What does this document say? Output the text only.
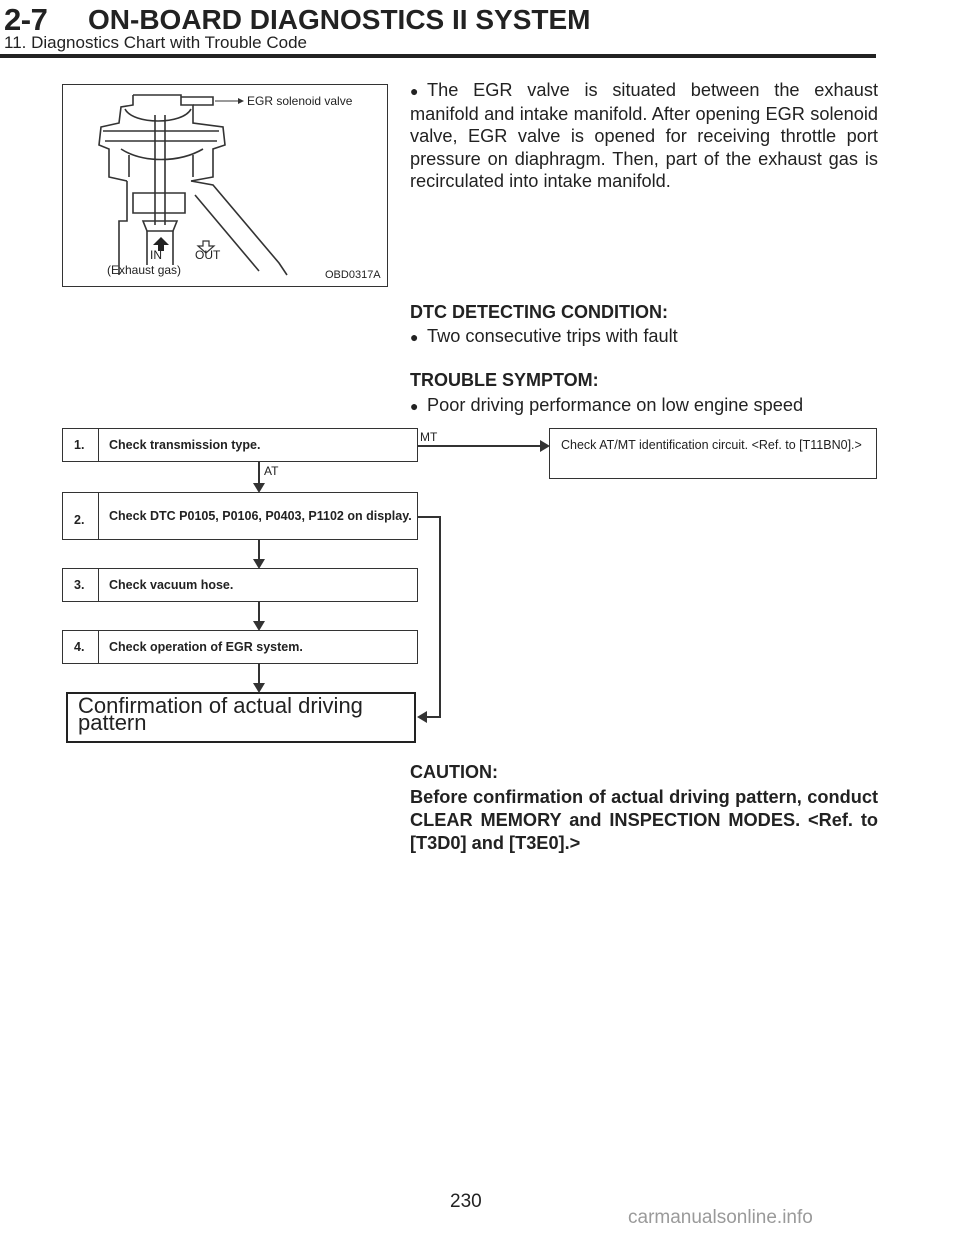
2-7 ON-BOARD DIAGNOSTICS II SYSTEM
11. Diagnostics Chart with Trouble Code
EGR solenoid valve
IN	OUT
(Exhaust gas)	OBD0317A
● The EGR valve is situated between the exhaust manifold and intake manifold. After opening EGR solenoid valve, EGR valve is opened for receiving throttle port pressure on diaphragm. Then, part of the exhaust gas is recirculated into intake manifold.
DTC DETECTING CONDITION:
● Two consecutive trips with fault
TROUBLE SYMPTOM:
● Poor driving performance on low engine speed
1.	Check transmission type.
2.	Check DTC P0105, P0106, P0403, P1102 on display.
3.	Check vacuum hose.
4.	Check operation of EGR system.
Confirmation of actual driving pattern
Check AT/MT identification circuit. <Ref. to [T11BN0].>
MT
AT
CAUTION:
Before confirmation of actual driving pattern, conduct CLEAR MEMORY and INSPECTION MODES. <Ref. to [T3D0] and [T3E0].>
230
carmanualsonline.info
